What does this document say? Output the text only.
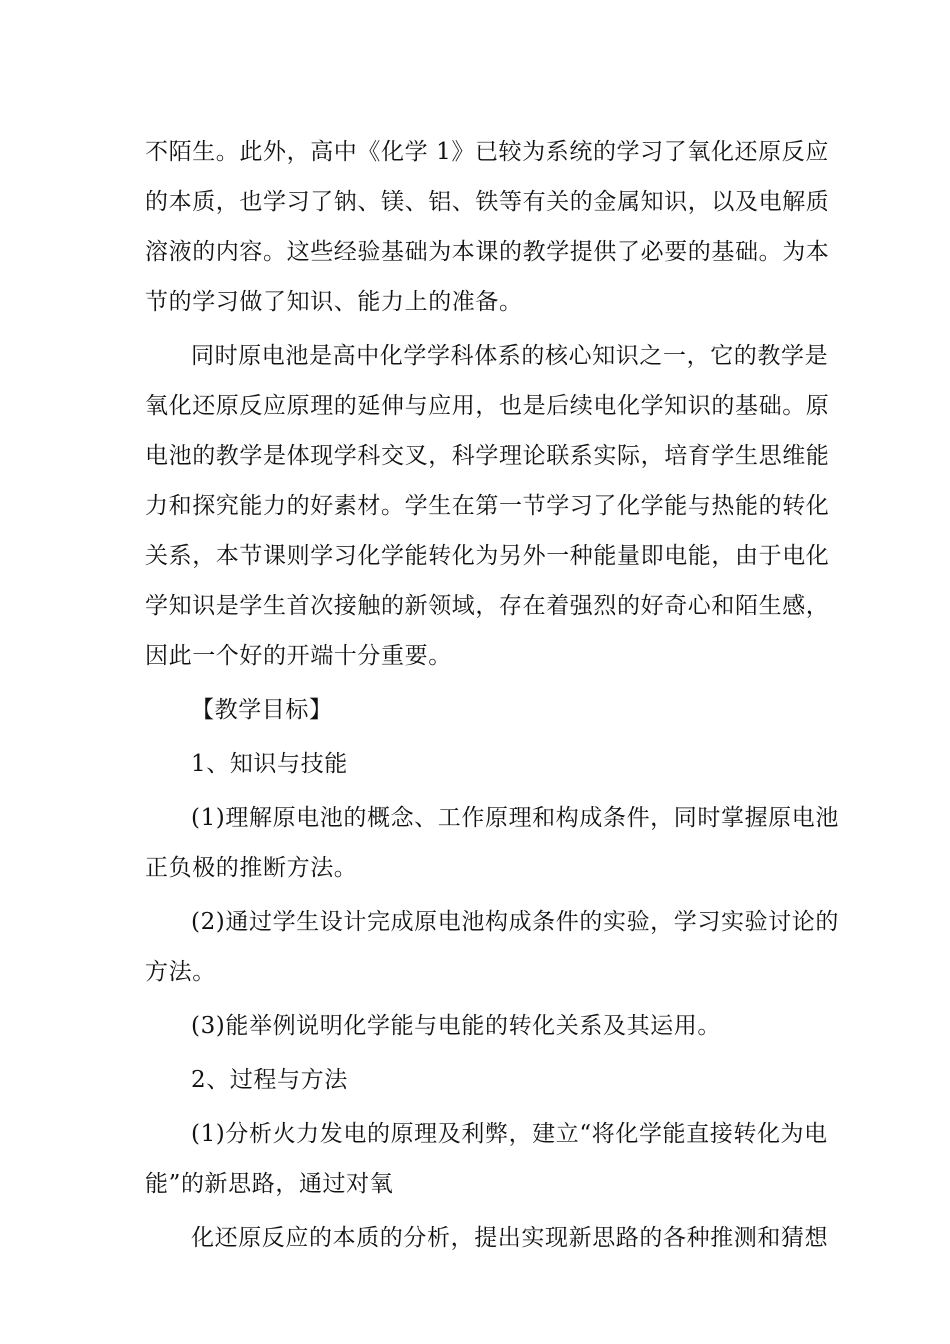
不陌生。此外，高中《化学 1》已较为系统的学习了氧化还原反应
的本质，也学习了钠、镁、铝、铁等有关的金属知识，以及电解质
溶液的内容。这些经验基础为本课的教学提供了必要的基础。为本
节的学习做了知识、能力上的准备。
同时原电池是高中化学学科体系的核心知识之一，它的教学是
氧化还原反应原理的延伸与应用，也是后续电化学知识的基础。原
电池的教学是体现学科交叉，科学理论联系实际，培育学生思维能
力和探究能力的好素材。学生在第一节学习了化学能与热能的转化
关系，本节课则学习化学能转化为另外一种能量即电能，由于电化
学知识是学生首次接触的新领域，存在着强烈的好奇心和陌生感，
因此一个好的开端十分重要。
【教学目标】
1、知识与技能
(1)理解原电池的概念、工作原理和构成条件，同时掌握原电池
正负极的推断方法。
(2)通过学生设计完成原电池构成条件的实验，学习实验讨论的
方法。
(3)能举例说明化学能与电能的转化关系及其运用。
2、过程与方法
(1)分析火力发电的原理及利弊，建立“将化学能直接转化为电
能”的新思路，通过对氧
化还原反应的本质的分析，提出实现新思路的各种推测和猜想
